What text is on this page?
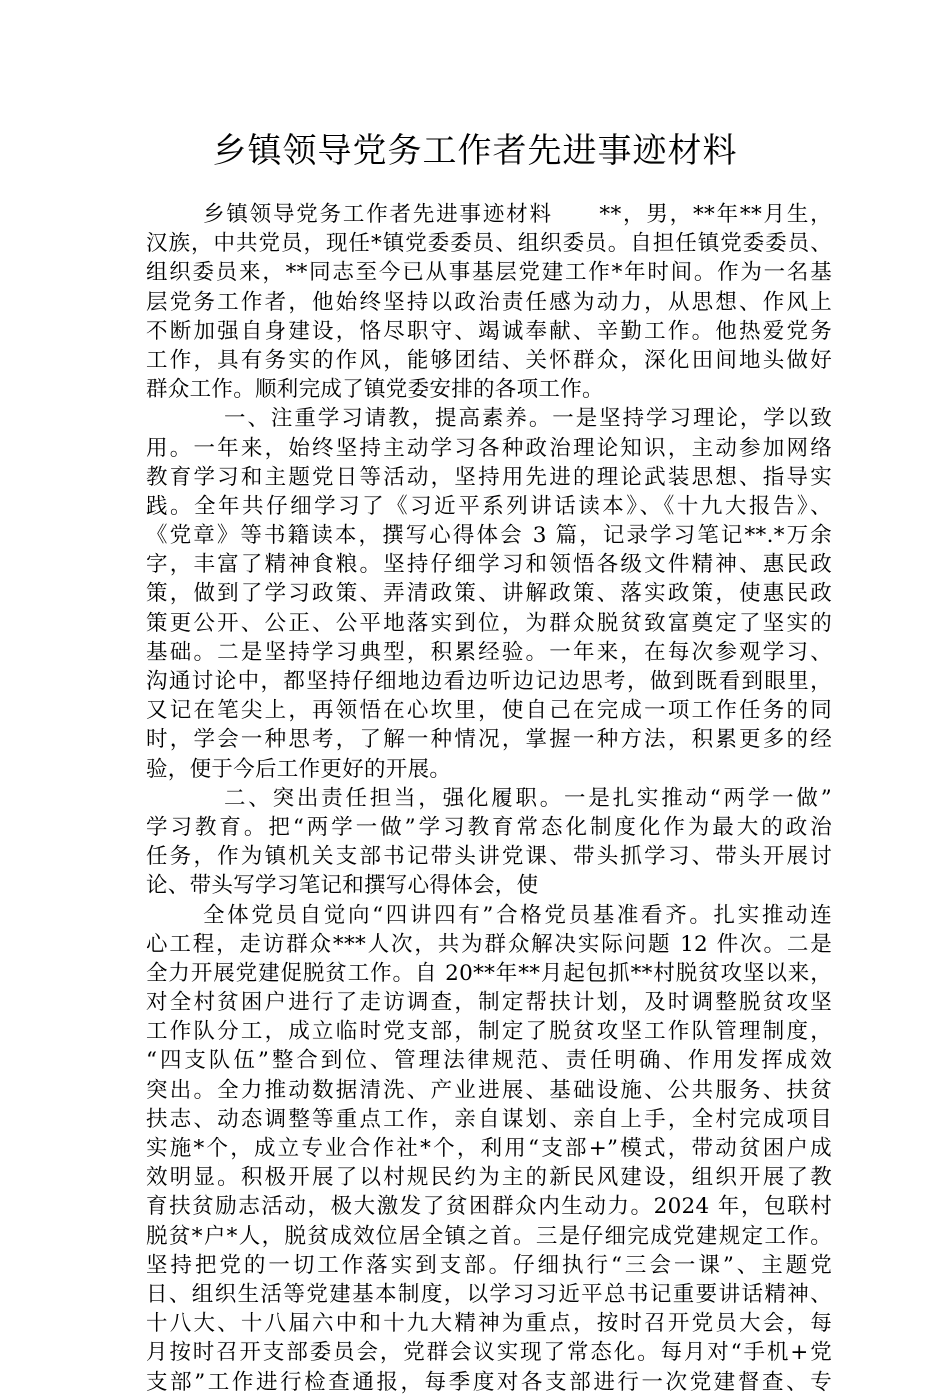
乡镇领导党务工作者先进事迹材料
乡镇领导党务工作者先进事迹材料　　**，男，**年**月生，
汉族，中共党员，现任*镇党委委员、组织委员。自担任镇党委委员、
组织委员来，**同志至今已从事基层党建工作*年时间。作为一名基
层党务工作者，他始终坚持以政治责任感为动力，从思想、作风上
不断加强自身建设，恪尽职守、竭诚奉献、辛勤工作。他热爱党务
工作，具有务实的作风，能够团结、关怀群众，深化田间地头做好
群众工作。顺利完成了镇党委安排的各项工作。
一、注重学习请教，提高素养。一是坚持学习理论，学以致
用。一年来，始终坚持主动学习各种政治理论知识，主动参加网络
教育学习和主题党日等活动，坚持用先进的理论武装思想、指导实
践。全年共仔细学习了《习近平系列讲话读本》、《十九大报告》、
《党章》等书籍读本，撰写心得体会 3 篇，记录学习笔记**.*万余
字，丰富了精神食粮。坚持仔细学习和领悟各级文件精神、惠民政
策，做到了学习政策、弄清政策、讲解政策、落实政策，使惠民政
策更公开、公正、公平地落实到位，为群众脱贫致富奠定了坚实的
基础。二是坚持学习典型，积累经验。一年来，在每次参观学习、
沟通讨论中，都坚持仔细地边看边听边记边思考，做到既看到眼里，
又记在笔尖上，再领悟在心坎里，使自己在完成一项工作任务的同
时，学会一种思考，了解一种情况，掌握一种方法，积累更多的经
验，便于今后工作更好的开展。
二、突出责任担当，强化履职。一是扎实推动“两学一做”
学习教育。把“两学一做”学习教育常态化制度化作为最大的政治
任务，作为镇机关支部书记带头讲党课、带头抓学习、带头开展讨
论、带头写学习笔记和撰写心得体会，使
全体党员自觉向“四讲四有”合格党员基准看齐。扎实推动连
心工程，走访群众***人次，共为群众解决实际问题 12 件次。二是
全力开展党建促脱贫工作。自 20**年**月起包抓**村脱贫攻坚以来，
对全村贫困户进行了走访调查，制定帮扶计划，及时调整脱贫攻坚
工作队分工，成立临时党支部，制定了脱贫攻坚工作队管理制度，
“四支队伍”整合到位、管理法律规范、责任明确、作用发挥成效
突出。全力推动数据清洗、产业进展、基础设施、公共服务、扶贫
扶志、动态调整等重点工作，亲自谋划、亲自上手，全村完成项目
实施*个，成立专业合作社*个，利用“支部+”模式，带动贫困户成
效明显。积极开展了以村规民约为主的新民风建设，组织开展了教
育扶贫励志活动，极大激发了贫困群众内生动力。2024 年，包联村
脱贫*户*人，脱贫成效位居全镇之首。三是仔细完成党建规定工作。
坚持把党的一切工作落实到支部。仔细执行“三会一课”、主题党
日、组织生活等党建基本制度，以学习习近平总书记重要讲话精神、
十八大、十八届六中和十九大精神为重点，按时召开党员大会，每
月按时召开支部委员会，党群会议实现了常态化。每月对“手机+党
支部”工作进行检查通报，每季度对各支部进行一次党建督查、专
